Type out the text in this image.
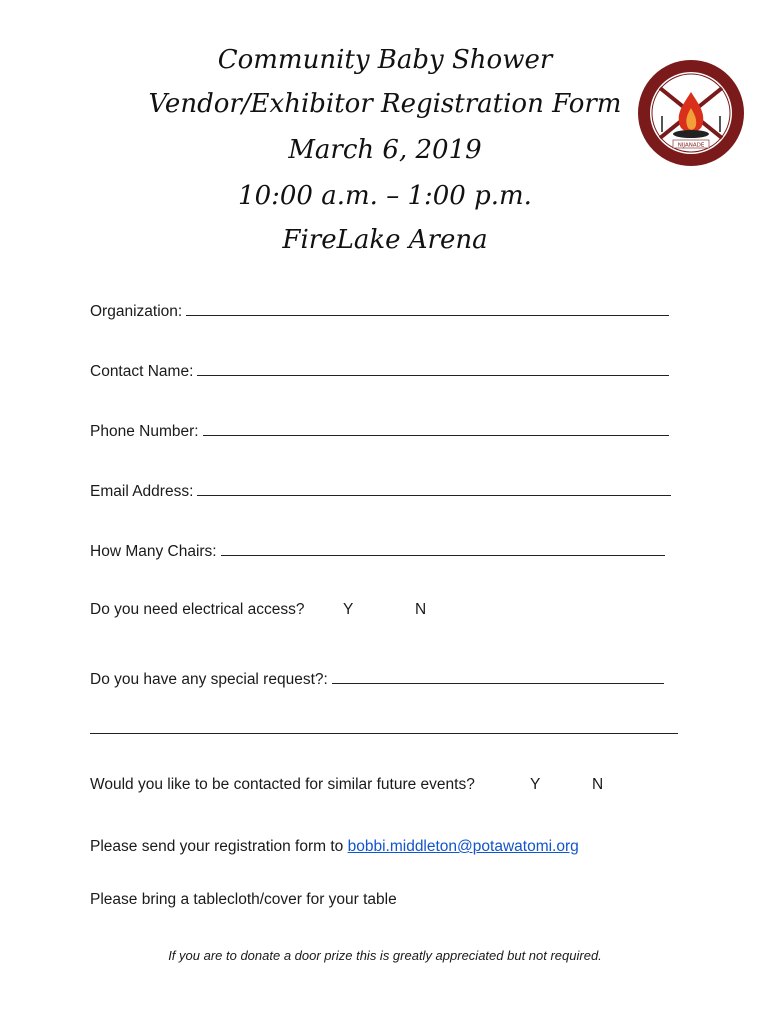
Community Baby Shower
Vendor/Exhibitor Registration Form
March 6, 2019
10:00 a.m. – 1:00 p.m.
FireLake Arena
NIJANADE
Organization:
Contact Name:
Phone Number:
Email Address:
How Many Chairs:
Do you need electrical access? Y	N
Do you have any special request?:
Would you like to be contacted for similar future events?	Y	N
Please send your registration form to bobbi.middleton@potawatomi.org
Please bring a tablecloth/cover for your table
If you are to donate a door prize this is greatly appreciated but not required.
